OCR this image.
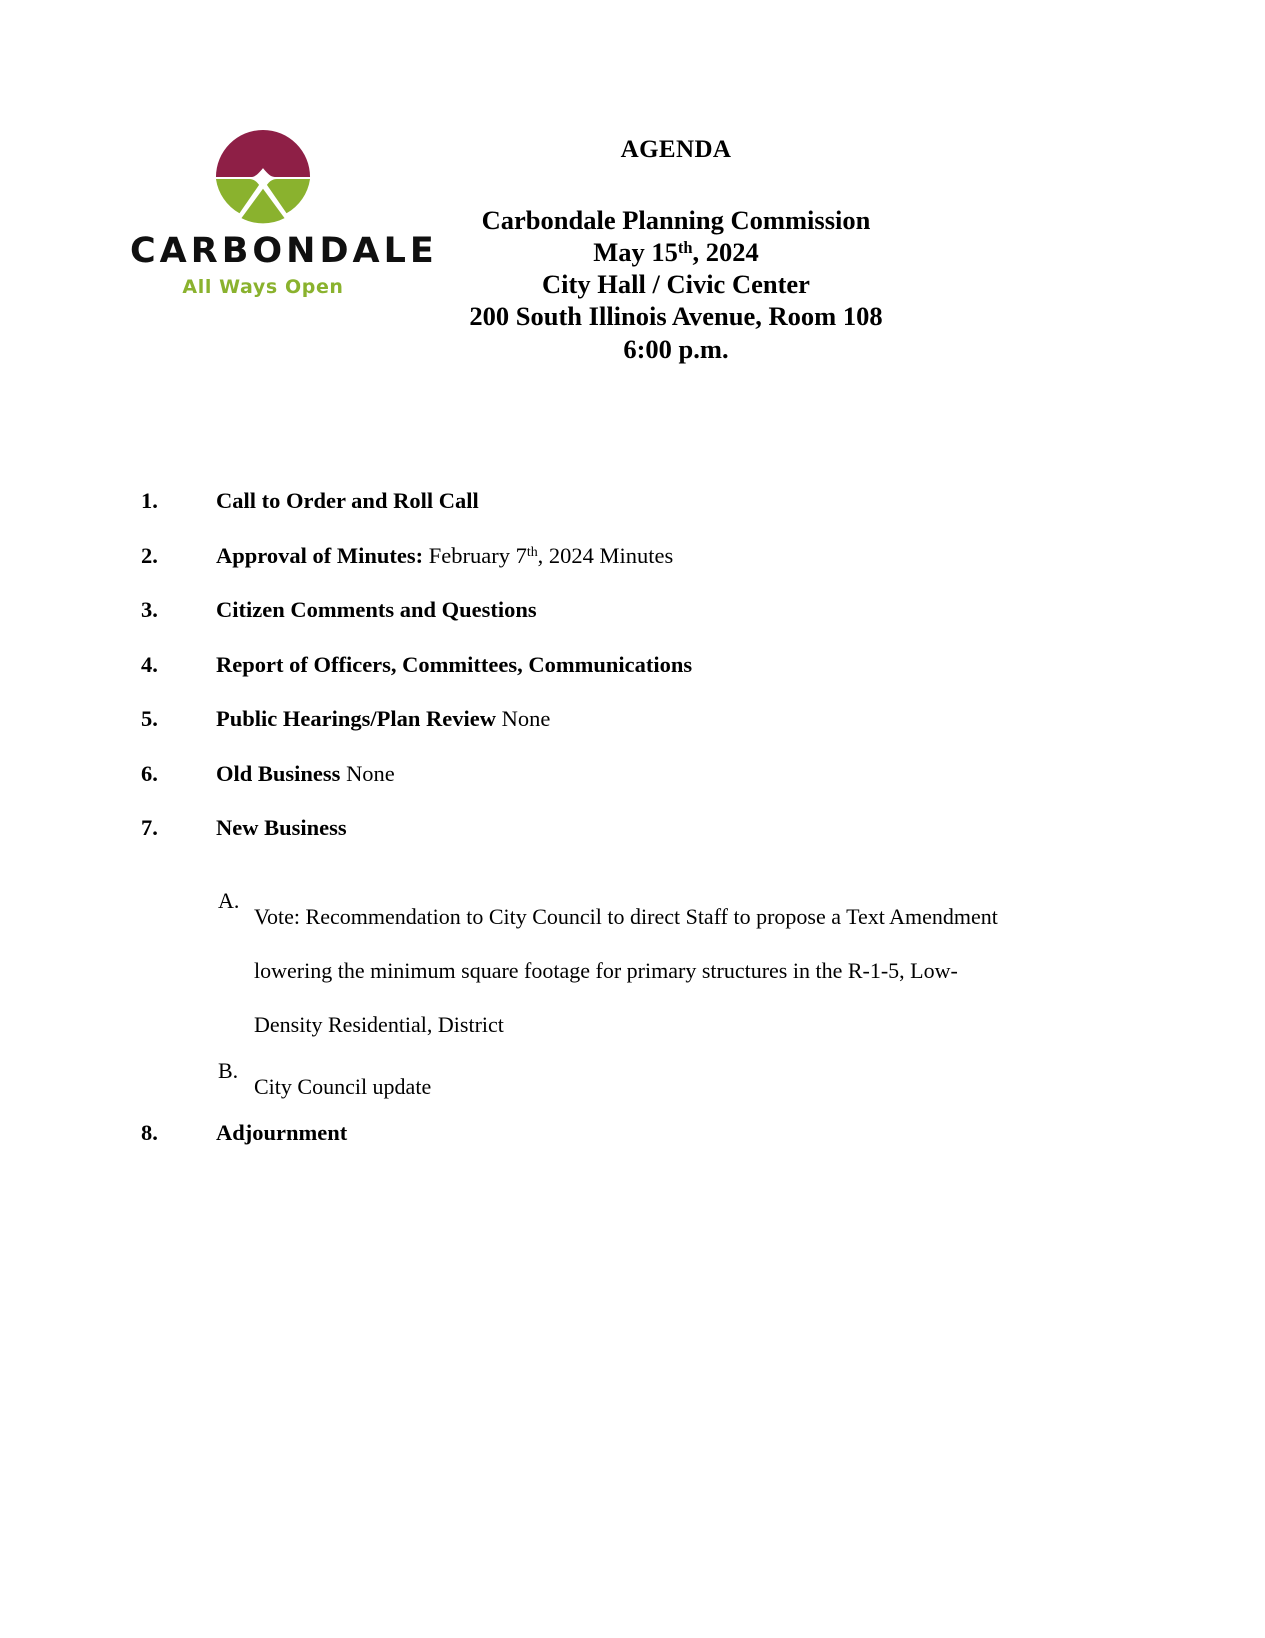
CARBONDALE
All Ways Open
AGENDA
Carbondale Planning Commission
May 15th, 2024
City Hall / Civic Center
200 South Illinois Avenue, Room 108
6:00 p.m.
1.	Call to Order and Roll Call
2.	Approval of Minutes: February 7th, 2024 Minutes
3.	Citizen Comments and Questions
4.	Report of Officers, Committees, Communications
5.	Public Hearings/Plan Review None
6.	Old Business None
7.	New Business
A.
Vote: Recommendation to City Council to direct Staff to propose a Text Amendment
lowering the minimum square footage for primary structures in the R-1-5, Low-
Density Residential, District
B.
City Council update
8.	Adjournment
